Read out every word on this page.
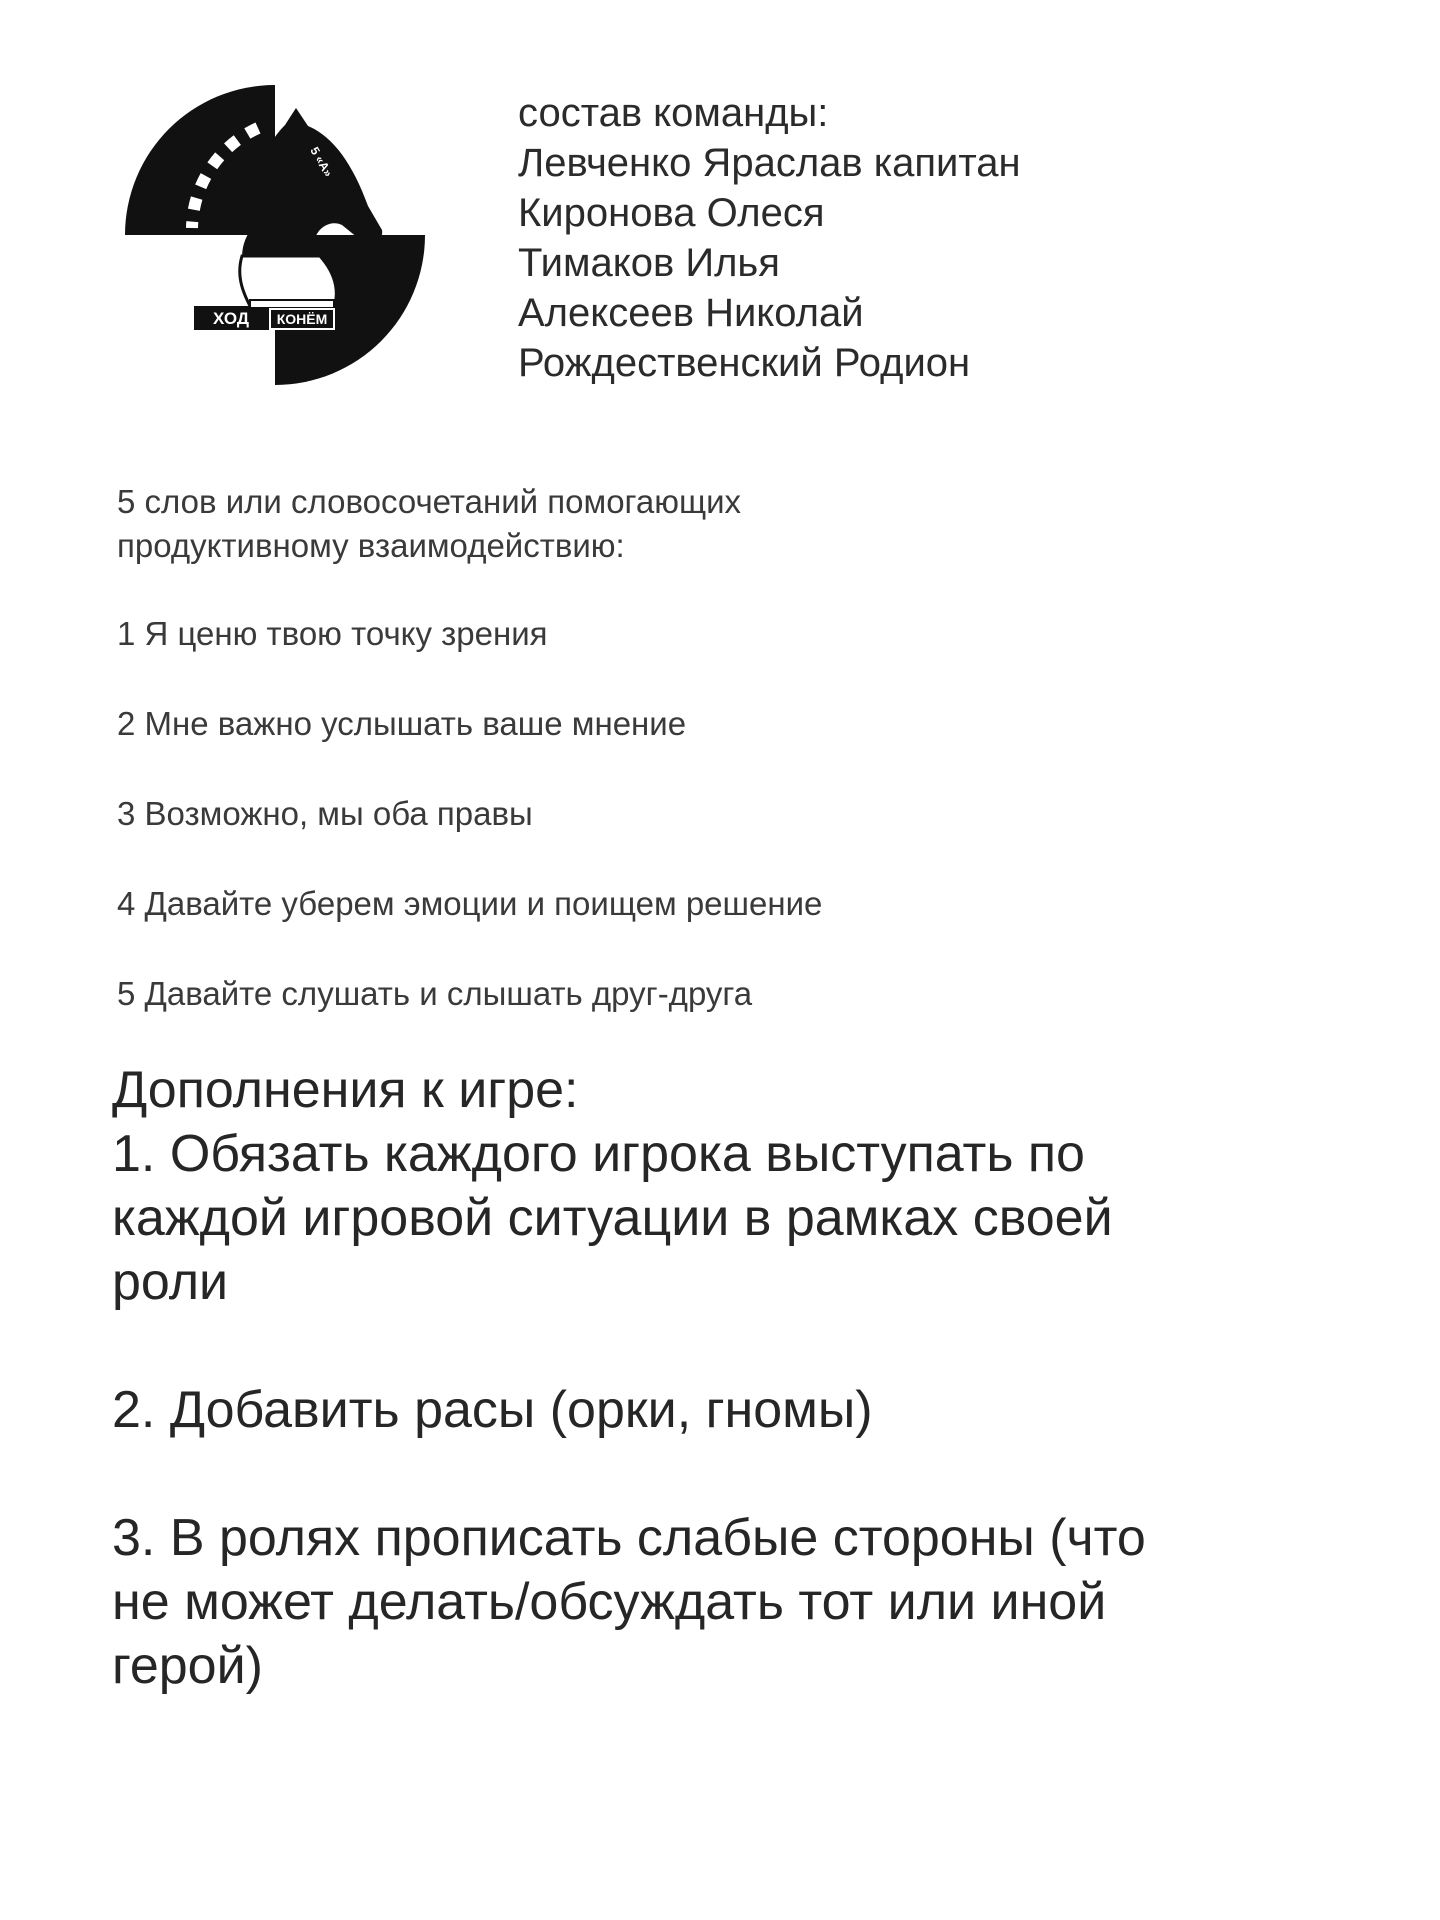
ХОД КОНЁМ
5 «А»
состав команды:
Левченко Ярaслав капитан
Киронова Олеся
Тимаков Илья
Алексеев Николай
Рождественский Родион

5 слов или словосочетаний помогающих
продуктивному взаимодействию:

1 Я ценю твою точку зрения
2 Мне важно услышать ваше мнение
3 Возможно, мы оба правы
4 Давайте уберем эмоции и поищем решение
5 Давайте слушать и слышать друг-друга
Дополнения к игре:
1. Обязать каждого игрока выступать по каждой игровой ситуации в рамках своей роли
2. Добавить расы (орки, гномы)
3. В ролях прописать слабые стороны (что не может делать/обсуждать тот или иной герой)
